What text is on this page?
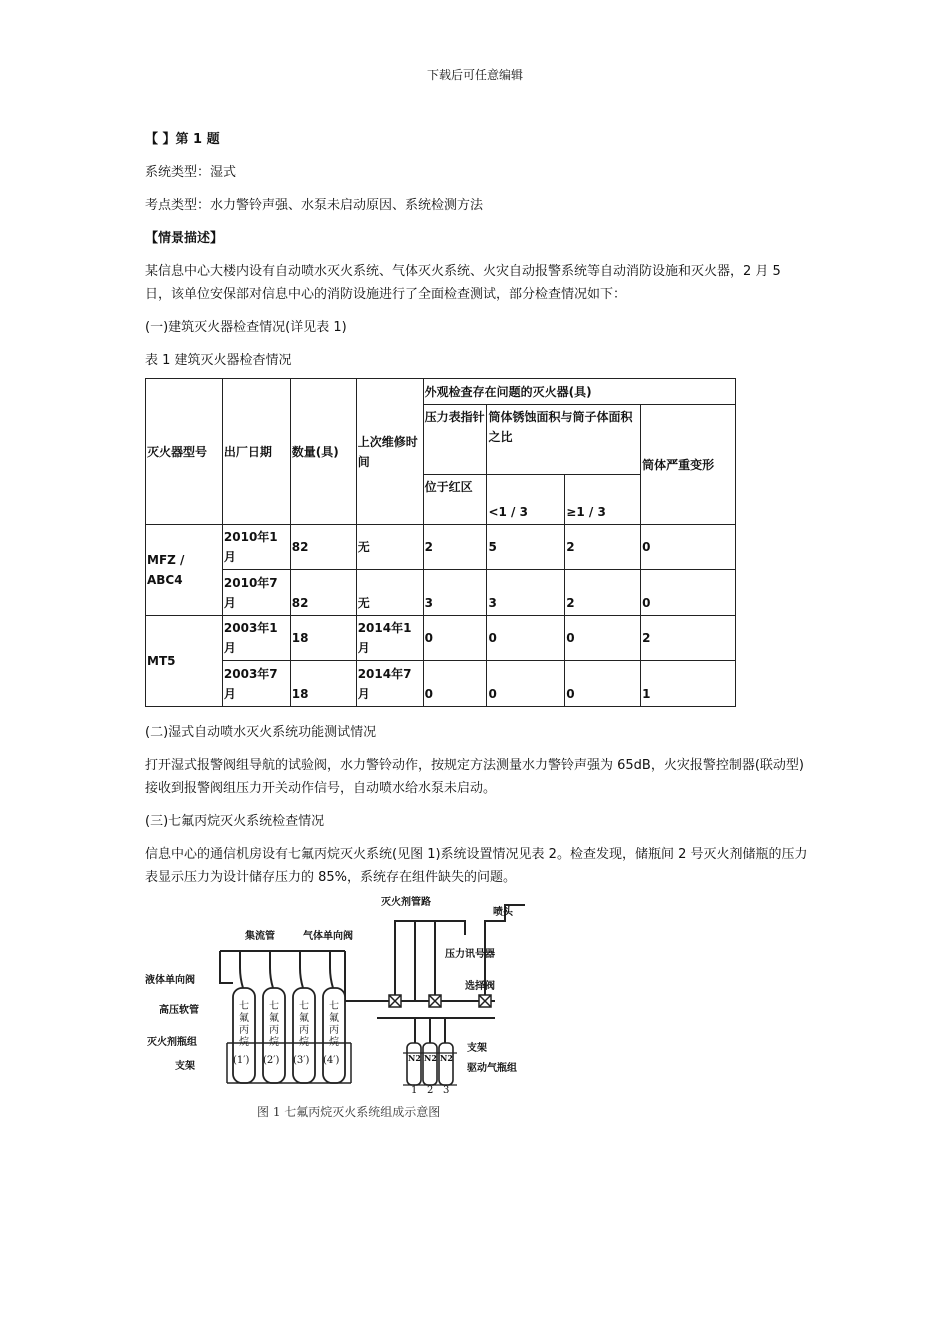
下载后可任意编辑

【 】第 1 题

系统类型：湿式

考点类型：水力警铃声强、水泵未启动原因、系统检测方法

【情景描述】

某信息中心大楼内设有自动喷水灭火系统、气体灭火系统、火灾自动报警系统等自动消防设施和灭火器，2 月 5 日，该单位安保部对信息中心的消防设施进行了全面检查测试，部分检查情况如下：

(一)建筑灭火器检查情况(详见表 1)

表 1 建筑灭火器检杳情况

灭火器型号	出厂日期	数量(具)	上次维修时间	外观检查存在问题的灭火器(具)			
				压力表指针	筒体锈蚀面积与筒子体面积之比		筒体严重变形
				位于红区	<1 / 3	≥1 / 3	
MFZ / ABC4	2010年1月	82	无	2	5	2	0
	2010年7月	82	无	3	3	2	0
MT5	2003年1月	18	2014年1月	0	0	0	2
	2003年7月	18	2014年7月	0	0	0	1

(二)湿式自动喷水灭火系统功能测试情况

打开湿式报警阀组导航的试验阀，水力警铃动作，按规定方法测量水力警铃声强为 65dB，火灾报警控制器(联动型)接收到报警阀组压力开关动作信号，自动喷水给水泵未启动。

(三)七氟丙烷灭火系统检查情况

信息中心的通信机房设有七氟丙烷灭火系统(见图 1)系统设置情况见表 2。检查发现，储瓶间 2 号灭火剂储瓶的压力表显示压力为设计储存压力的 85%，系统存在组件缺失的问题。

液体单向阀
高压软管
灭火剂瓶组
支架
集流管	气体单向阀
灭火剂管路
喷头
压力讯号器
选择阀
支架
驱动气瓶组
七氟丙烷
七氟丙烷
七氟丙烷
七氟丙烷
(1′) (2′) (3′) (4′)	N2 N2 N2
1 2 3
图 1 七氟丙烷灭火系统组成示意图
